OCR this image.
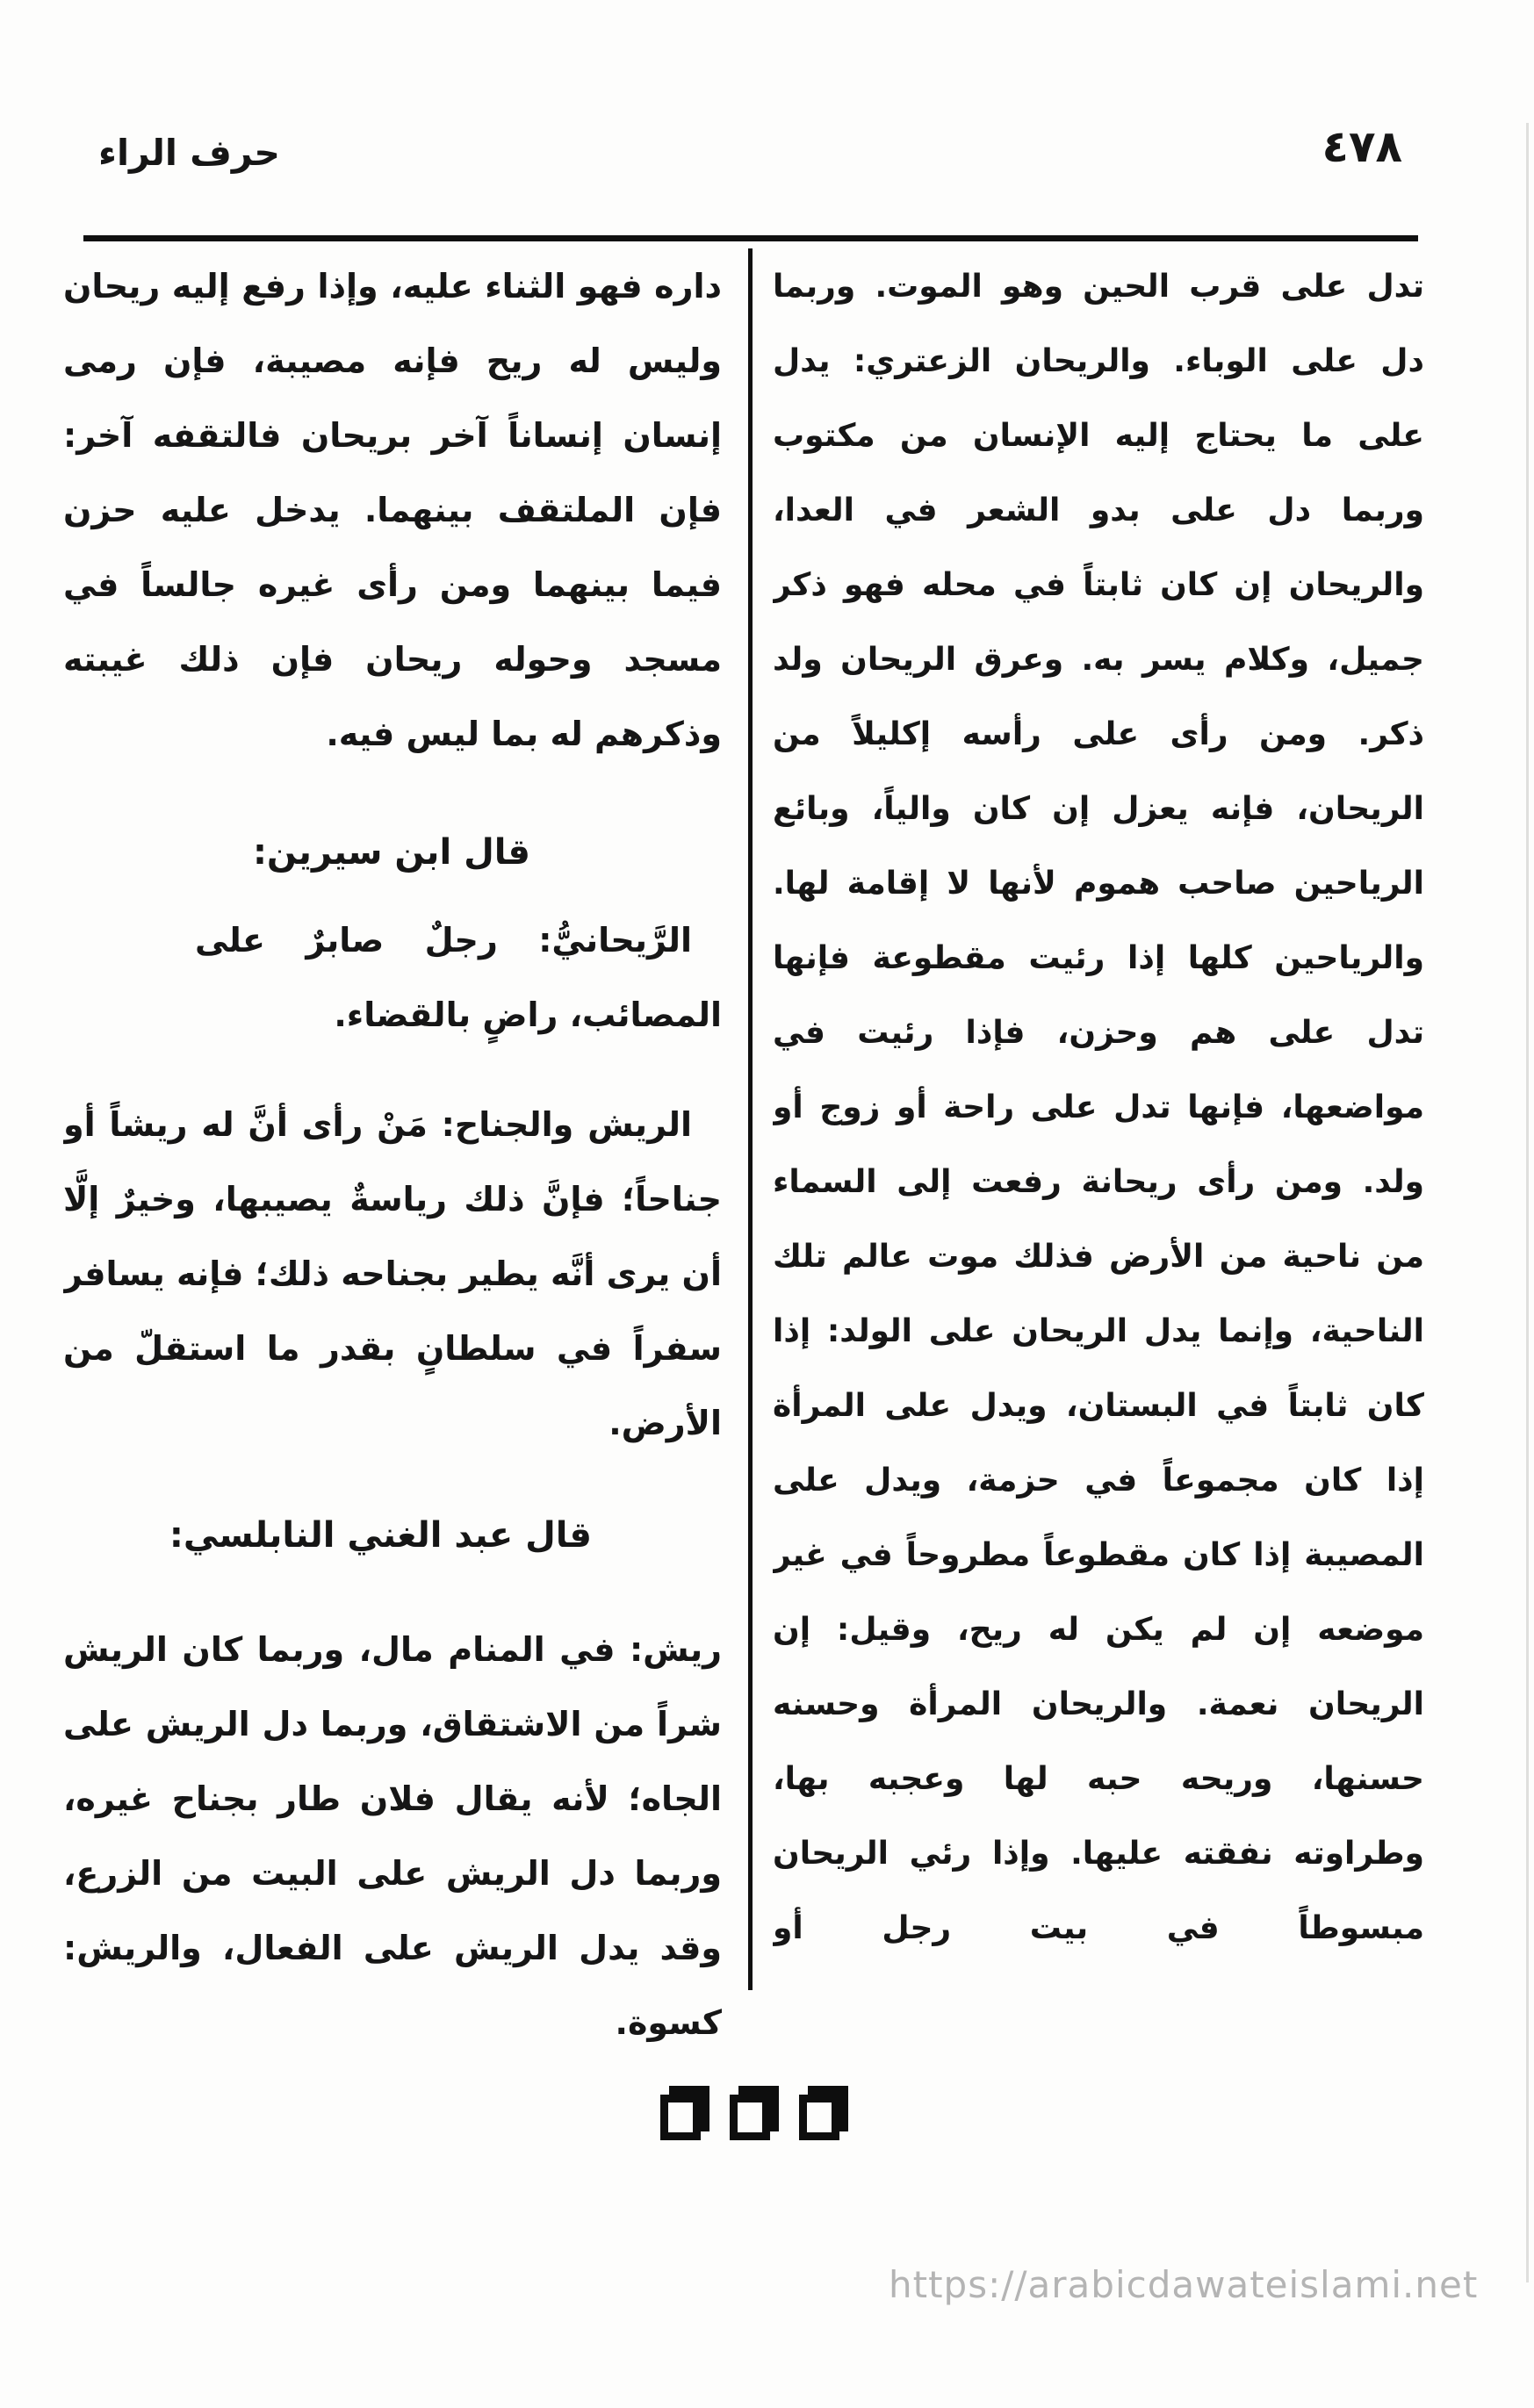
٤٧٨
حرف الراء

تدل على قرب الحين وهو الموت. وربما دل على الوباء. والريحان الزعتري: يدل على ما يحتاج إليه الإنسان من مكتوب وربما دل على بدو الشعر في العدا، والريحان إن كان ثابتاً في محله فهو ذكر جميل، وكلام يسر به. وعرق الريحان ولد ذكر. ومن رأى على رأسه إكليلاً من الريحان، فإنه يعزل إن كان والياً، وبائع الرياحين صاحب هموم لأنها لا إقامة لها. والرياحين كلها إذا رئيت مقطوعة فإنها تدل على هم وحزن، فإذا رئيت في مواضعها، فإنها تدل على راحة أو زوج أو ولد. ومن رأى ريحانة رفعت إلى السماء من ناحية من الأرض فذلك موت عالم تلك الناحية، وإنما يدل الريحان على الولد: إذا كان ثابتاً في البستان، ويدل على المرأة إذا كان مجموعاً في حزمة، ويدل على المصيبة إذا كان مقطوعاً مطروحاً في غير موضعه إن لم يكن له ريح، وقيل: إن الريحان نعمة. والريحان المرأة وحسنه حسنها، وريحه حبه لها وعجبه بها، وطراوته نفقته عليها. وإذا رئي الريحان مبسوطاً في بيت رجل أو

داره فهو الثناء عليه، وإذا رفع إليه ريحان وليس له ريح فإنه مصيبة، فإن رمى إنسان إنساناً آخر بريحان فالتقفه آخر: فإن الملتقف بينهما. يدخل عليه حزن فيما بينهما ومن رأى غيره جالساً في مسجد وحوله ريحان فإن ذلك غيبته وذكرهم له بما ليس فيه.

قال ابن سيرين:

الرَّيحانيُّ: رجلٌ صابرٌ على المصائب، راضٍ بالقضاء.

الريش والجناح: مَنْ رأى أنَّ له ريشاً أو جناحاً؛ فإنَّ ذلك رياسةٌ يصيبها، وخيرٌ إلَّا أن يرى أنَّه يطير بجناحه ذلك؛ فإنه يسافر سفراً في سلطانٍ بقدر ما استقلّ من الأرض.

قال عبد الغني النابلسي:

ريش: في المنام مال، وربما كان الريش شراً من الاشتقاق، وربما دل الريش على الجاه؛ لأنه يقال فلان طار بجناح غيره، وربما دل الريش على البيت من الزرع، وقد يدل الريش على الفعال، والريش: كسوة.

https://arabicdawateislami.net
